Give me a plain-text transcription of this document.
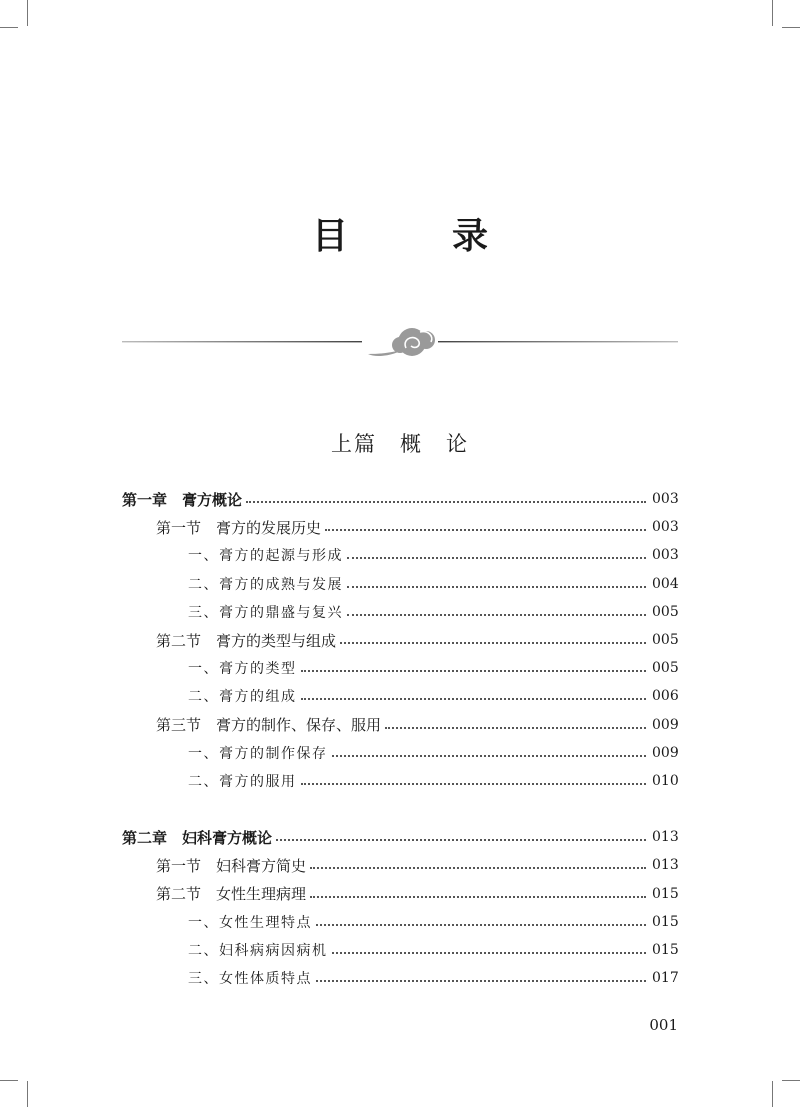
目　录
上篇　概　论
第一章　膏方概论	003
第一节　膏方的发展历史	003
一、膏方的起源与形成	003
二、膏方的成熟与发展	004
三、膏方的鼎盛与复兴	005
第二节　膏方的类型与组成	005
一、膏方的类型	005
二、膏方的组成	006
第三节　膏方的制作、保存、服用	009
一、膏方的制作保存	009
二、膏方的服用	010
第二章　妇科膏方概论	013
第一节　妇科膏方简史	013
第二节　女性生理病理	015
一、女性生理特点	015
二、妇科病病因病机	015
三、女性体质特点	017
001
